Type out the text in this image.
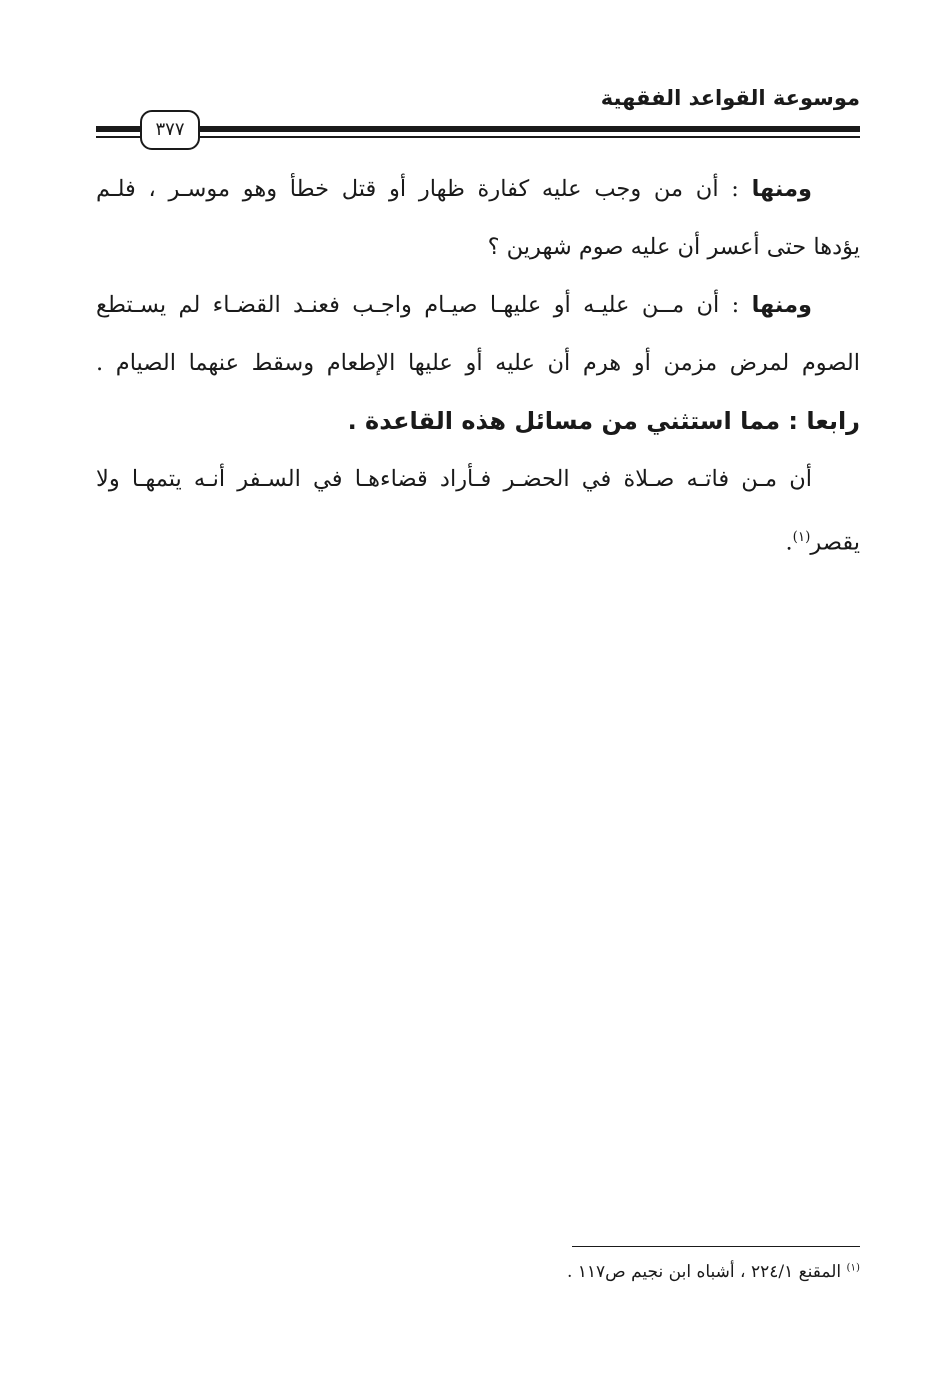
موسوعة القواعد الفقهية
٣٧٧
ومنها : أن من وجب عليه كفارة ظهار أو قتل خطأ وهو موسـر ، فلـم
يؤدها حتى أعسر أن عليه صوم شهرين ؟
ومنها : أن مــن عليـه أو عليهـا صيـام واجـب فعنـد القضـاء لم يسـتطع
الصوم لمرض مزمن أو هرم أن عليه أو عليها الإطعام وسقط عنهما الصيام .
رابعا : مما استثني من مسائل هذه القاعدة .
أن مـن فاتـه صـلاة في الحضـر فـأراد قضاءهـا في السـفر أنـه يتمهـا ولا
يقصر$^{(١)}$.
$^{(١)}$ المقنع ٢٢٤/١ ، أشباه ابن نجيم ص١١٧ .
